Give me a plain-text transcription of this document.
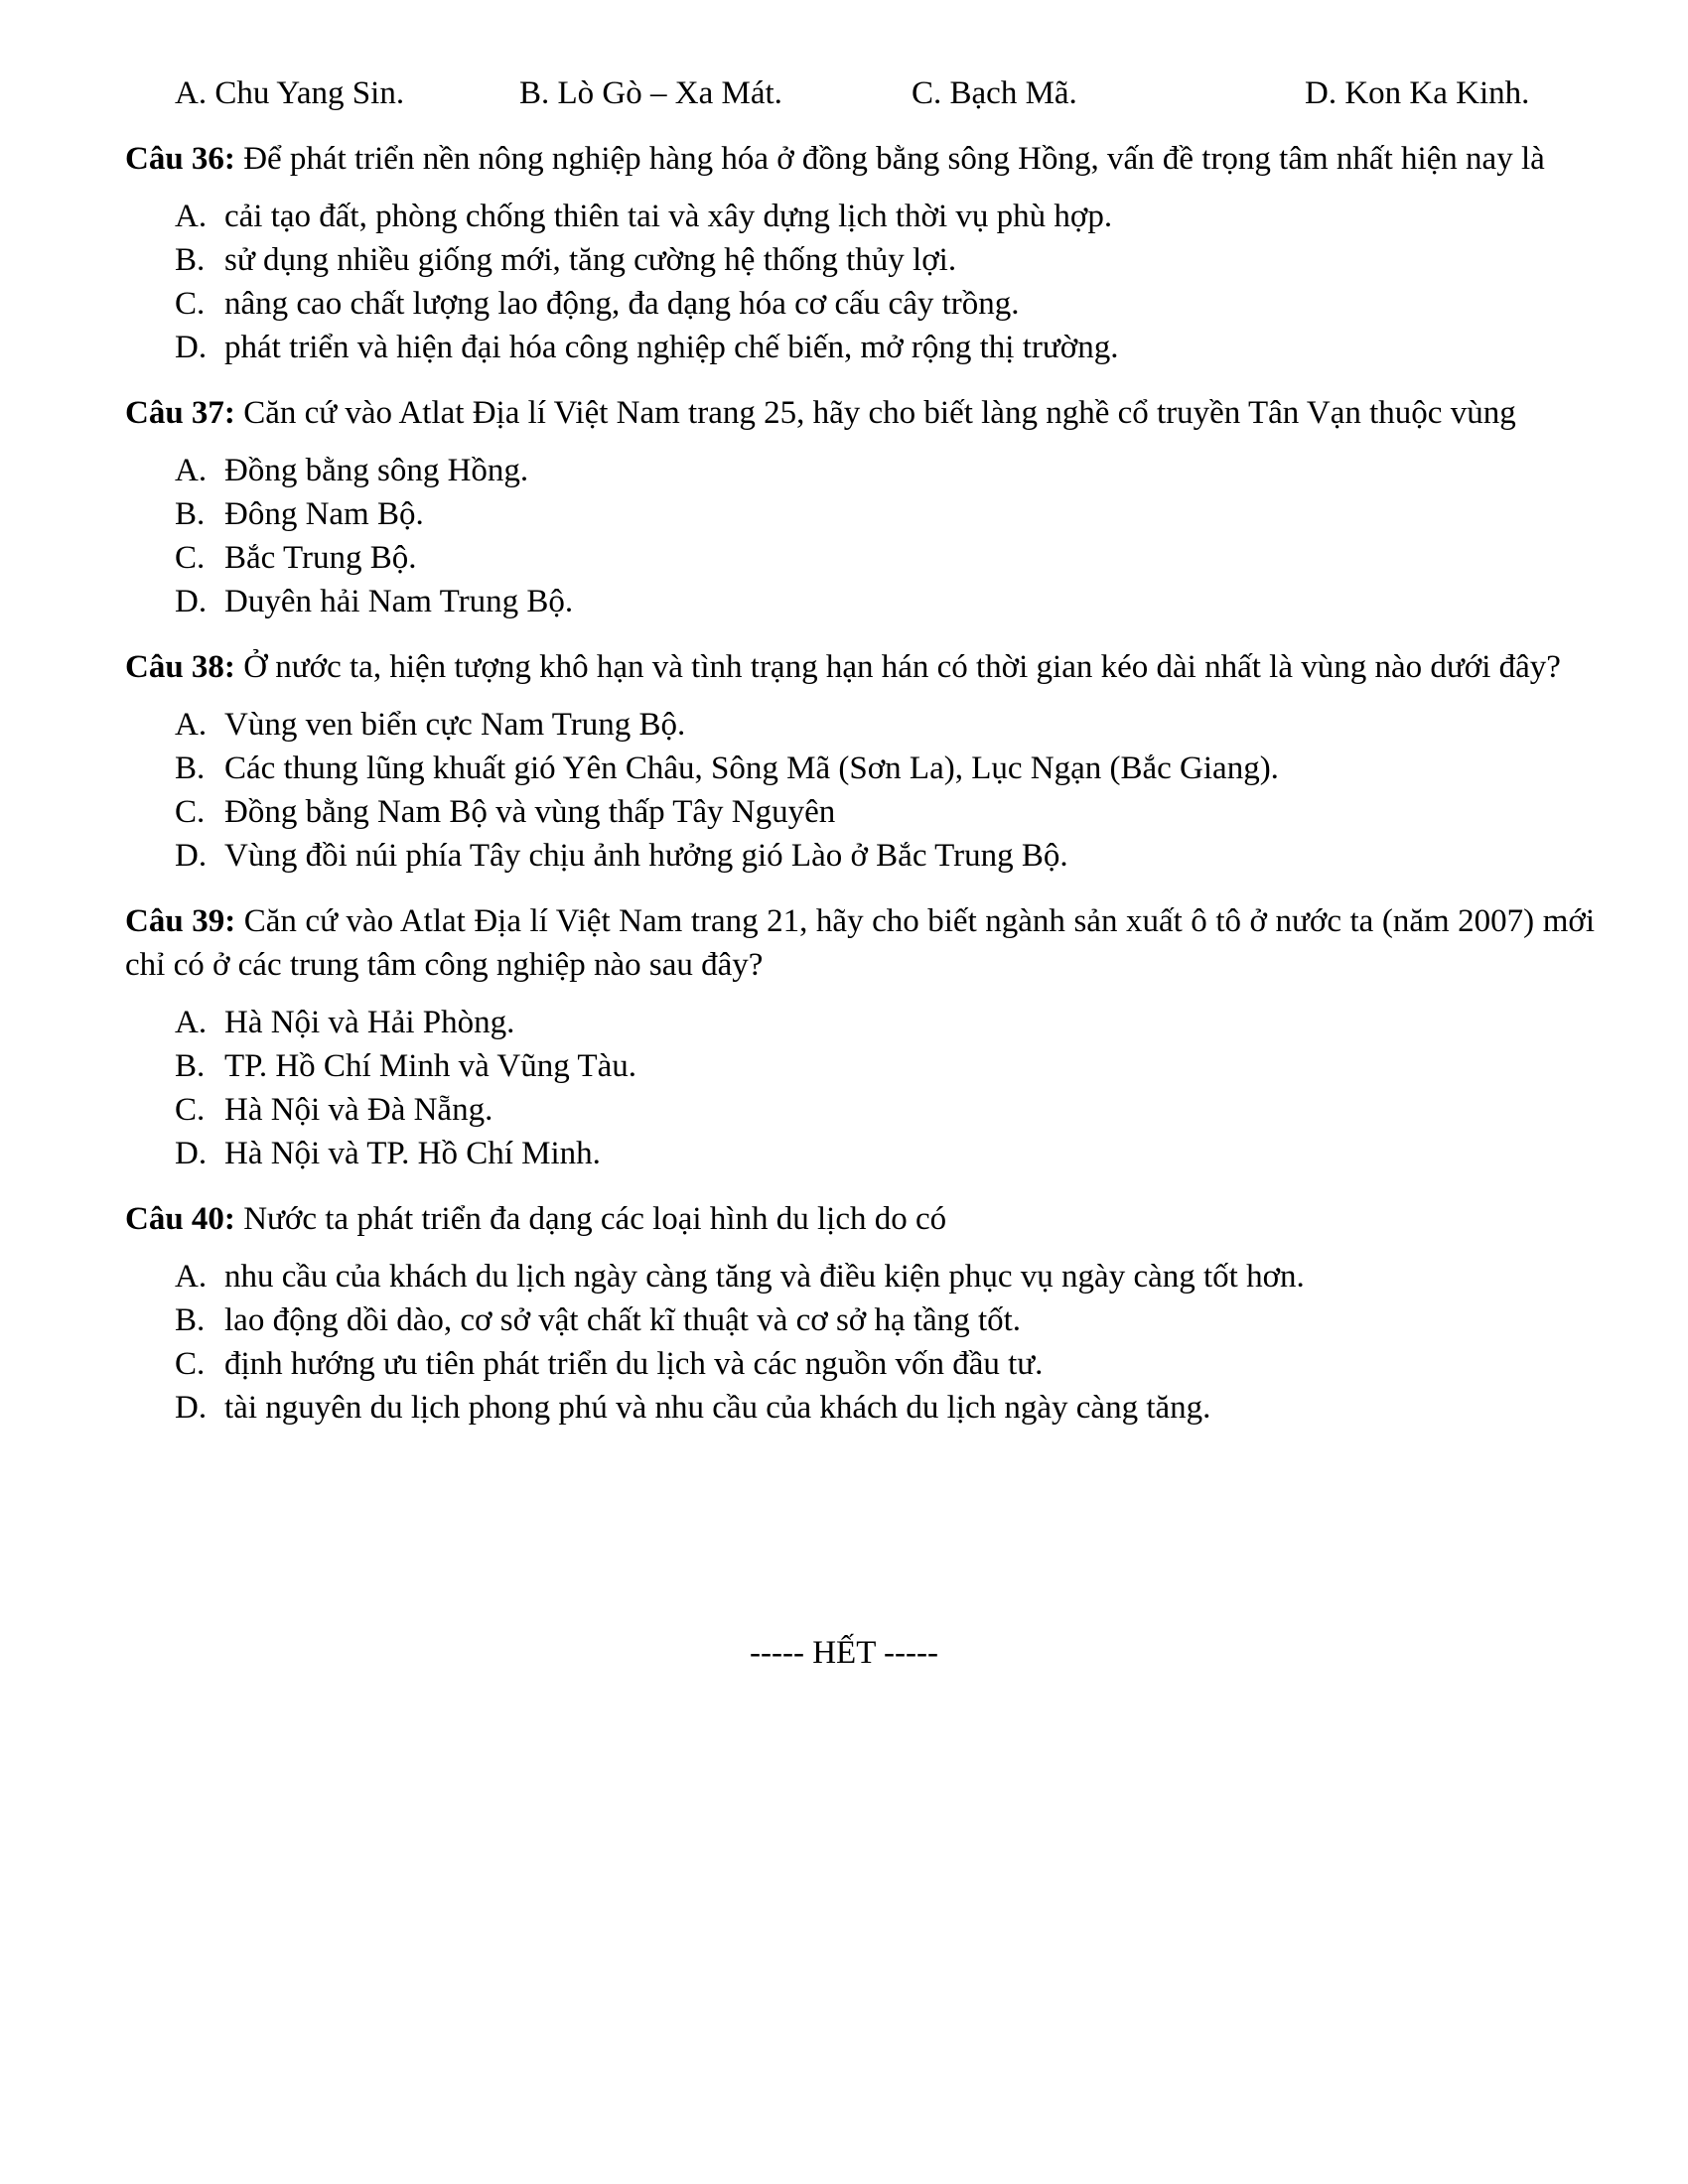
A. Chu Yang Sin.	B. Lò Gò – Xa Mát.	C. Bạch Mã.	D. Kon Ka Kinh.
Câu 36: Để phát triển nền nông nghiệp hàng hóa ở đồng bằng sông Hồng, vấn đề trọng tâm nhất hiện nay là
A. cải tạo đất, phòng chống thiên tai và xây dựng lịch thời vụ phù hợp.
B. sử dụng nhiều giống mới, tăng cường hệ thống thủy lợi.
C. nâng cao chất lượng lao động, đa dạng hóa cơ cấu cây trồng.
D. phát triển và hiện đại hóa công nghiệp chế biến, mở rộng thị trường.
Câu 37: Căn cứ vào Atlat Địa lí Việt Nam trang 25, hãy cho biết làng nghề cổ truyền Tân Vạn thuộc vùng
A. Đồng bằng sông Hồng.
B. Đông Nam Bộ.
C. Bắc Trung Bộ.
D. Duyên hải Nam Trung Bộ.
Câu 38: Ở nước ta, hiện tượng khô hạn và tình trạng hạn hán có thời gian kéo dài nhất là vùng nào dưới đây?
A. Vùng ven biển cực Nam Trung Bộ.
B. Các thung lũng khuất gió Yên Châu, Sông Mã (Sơn La), Lục Ngạn (Bắc Giang).
C. Đồng bằng Nam Bộ và vùng thấp Tây Nguyên
D. Vùng đồi núi phía Tây chịu ảnh hưởng gió Lào ở Bắc Trung Bộ.
Câu 39: Căn cứ vào Atlat Địa lí Việt Nam trang 21, hãy cho biết ngành sản xuất ô tô ở nước ta (năm 2007) mới chỉ có ở các trung tâm công nghiệp nào sau đây?
A. Hà Nội và Hải Phòng.
B. TP. Hồ Chí Minh và Vũng Tàu.
C. Hà Nội và Đà Nẵng.
D. Hà Nội và TP. Hồ Chí Minh.
Câu 40: Nước ta phát triển đa dạng các loại hình du lịch do có
A. nhu cầu của khách du lịch ngày càng tăng và điều kiện phục vụ ngày càng tốt hơn.
B. lao động dồi dào, cơ sở vật chất kĩ thuật và cơ sở hạ tầng tốt.
C. định hướng ưu tiên phát triển du lịch và các nguồn vốn đầu tư.
D. tài nguyên du lịch phong phú và nhu cầu của khách du lịch ngày càng tăng.
----- HẾT -----
